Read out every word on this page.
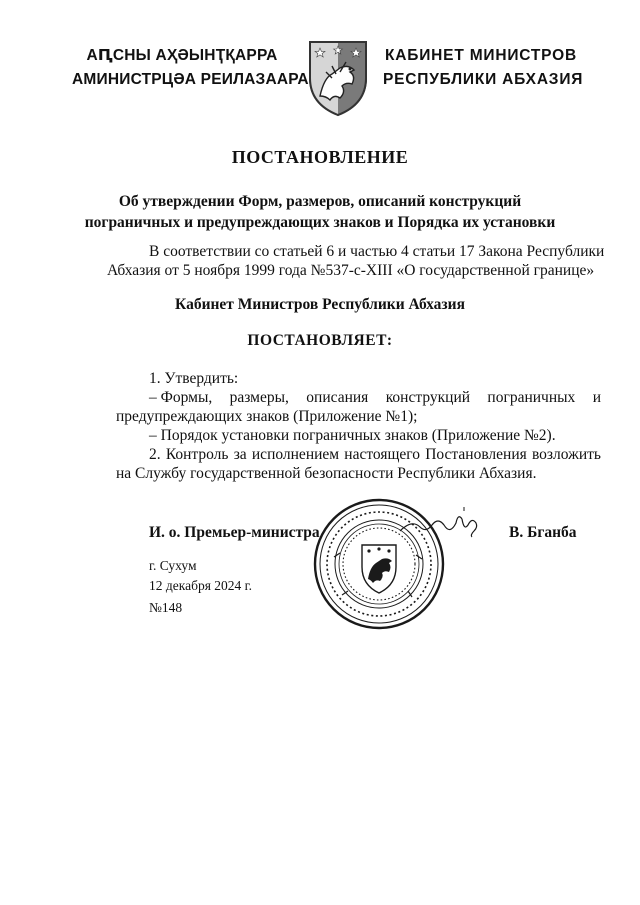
АԤСНЫ АҲӘЫНҬҚАРРА
АМИНИСТРЦӘА РЕИЛАЗААРА
КАБИНЕТ МИНИСТРОВ
РЕСПУБЛИКИ АБХАЗИЯ
ПОСТАНОВЛЕНИЕ
Об утверждении Форм, размеров, описаний конструкций
пограничных и предупреждающих знаков и Порядка их установки
В соответствии со статьей 6 и частью 4 статьи 17 Закона Республики
Абхазия от 5 ноября 1999 года №537-с-XIII «О государственной границе»
Кабинет Министров Республики Абхазия
ПОСТАНОВЛЯЕТ:
1. Утвердить:
– Формы, размеры, описания конструкций пограничных и
предупреждающих знаков (Приложение №1);
– Порядок установки пограничных знаков (Приложение №2).
2. Контроль за исполнением настоящего Постановления возложить
на Службу государственной безопасности Республики Абхазия.
И. о. Премьер-министра	В. Бганба
г. Сухум
12 декабря 2024 г.
№148
